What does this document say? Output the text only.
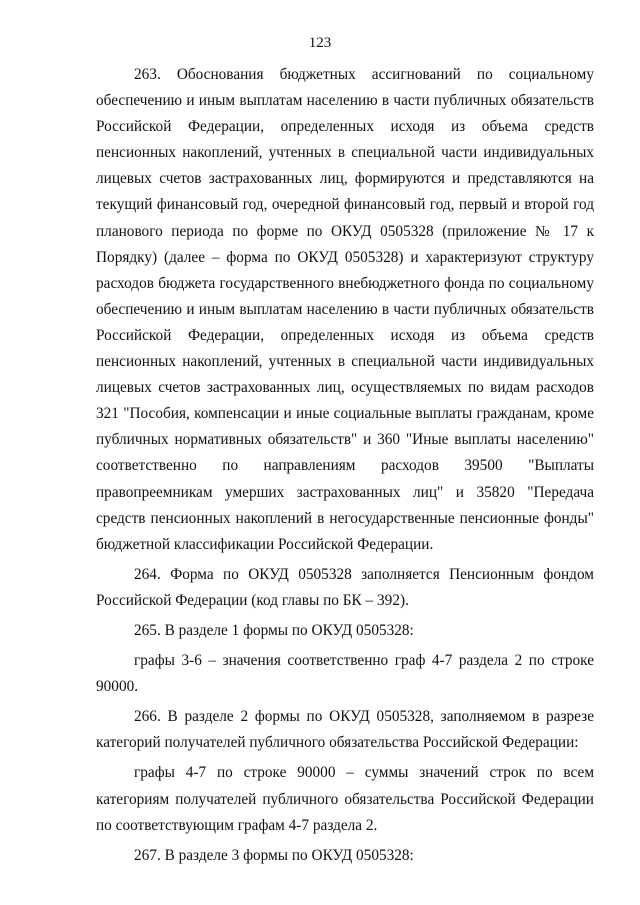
123

263. Обоснования бюджетных ассигнований по социальному обеспечению и иным выплатам населению в части публичных обязательств Российской Федерации, определенных исходя из объема средств пенсионных накоплений, учтенных в специальной части индивидуальных лицевых счетов застрахованных лиц, формируются и представляются на текущий финансовый год, очередной финансовый год, первый и второй год планового периода по форме по ОКУД 0505328 (приложение № 17 к Порядку) (далее – форма по ОКУД 0505328) и характеризуют структуру расходов бюджета государственного внебюджетного фонда по социальному обеспечению и иным выплатам населению в части публичных обязательств Российской Федерации, определенных исходя из объема средств пенсионных накоплений, учтенных в специальной части индивидуальных лицевых счетов застрахованных лиц, осуществляемых по видам расходов 321 "Пособия, компенсации и иные социальные выплаты гражданам, кроме публичных нормативных обязательств" и 360 "Иные выплаты населению" соответственно по направлениям расходов 39500 "Выплаты правопреемникам умерших застрахованных лиц" и 35820 "Передача средств пенсионных накоплений в негосударственные пенсионные фонды" бюджетной классификации Российской Федерации.

264. Форма по ОКУД 0505328 заполняется Пенсионным фондом Российской Федерации (код главы по БК – 392).

265. В разделе 1 формы по ОКУД 0505328:

графы 3-6 – значения соответственно граф 4-7 раздела 2 по строке 90000.

266. В разделе 2 формы по ОКУД 0505328, заполняемом в разрезе категорий получателей публичного обязательства Российской Федерации:

графы 4-7 по строке 90000 – суммы значений строк по всем категориям получателей публичного обязательства Российской Федерации по соответствующим графам 4-7 раздела 2.

267. В разделе 3 формы по ОКУД 0505328:
